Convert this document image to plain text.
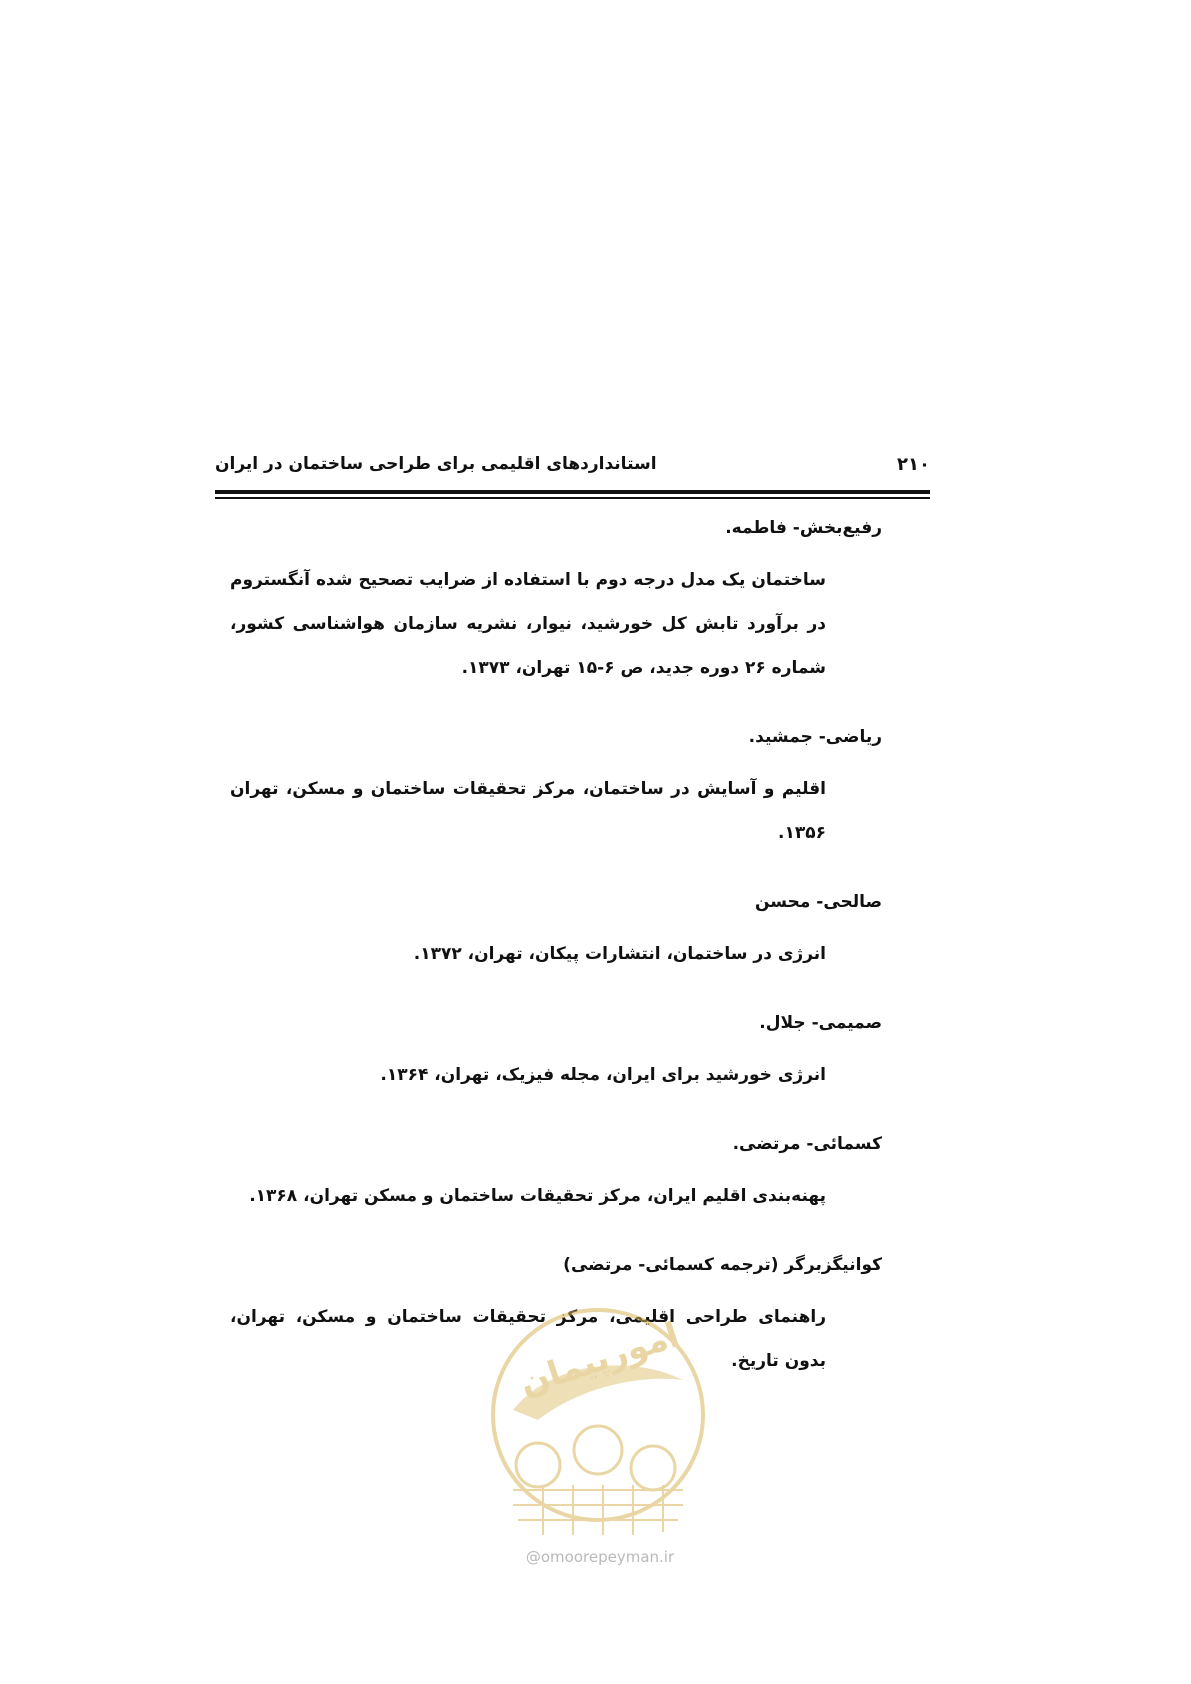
۲۱۰
استانداردهای اقلیمی برای طراحی ساختمان در ایران

رفیع‌بخش- فاطمه.

ساختمان یک مدل درجه دوم با استفاده از ضرایب تصحیح شده آنگستروم در برآورد تابش کل خورشید، نیوار، نشریه سازمان هواشناسی کشور، شماره ۲۶ دوره جدید، ص ۶-۱۵ تهران، ۱۳۷۳.

ریاضی- جمشید.

اقلیم و آسایش در ساختمان، مرکز تحقیقات ساختمان و مسکن، تهران ۱۳۵۶.

صالحی- محسن

انرژی در ساختمان، انتشارات پیکان، تهران، ۱۳۷۲.

صمیمی- جلال.

انرژی خورشید برای ایران، مجله فیزیک، تهران، ۱۳۶۴.

کسمائی- مرتضی.

پهنه‌بندی اقلیم ایران، مرکز تحقیقات ساختمان و مسکن تهران، ۱۳۶۸.

کوانیگزبرگر (ترجمه کسمائی- مرتضی)

راهنمای طراحی اقلیمی، مرکز تحقیقات ساختمان و مسکن، تهران، بدون تاریخ.

امورپیمان
@omoorepeyman.ir
